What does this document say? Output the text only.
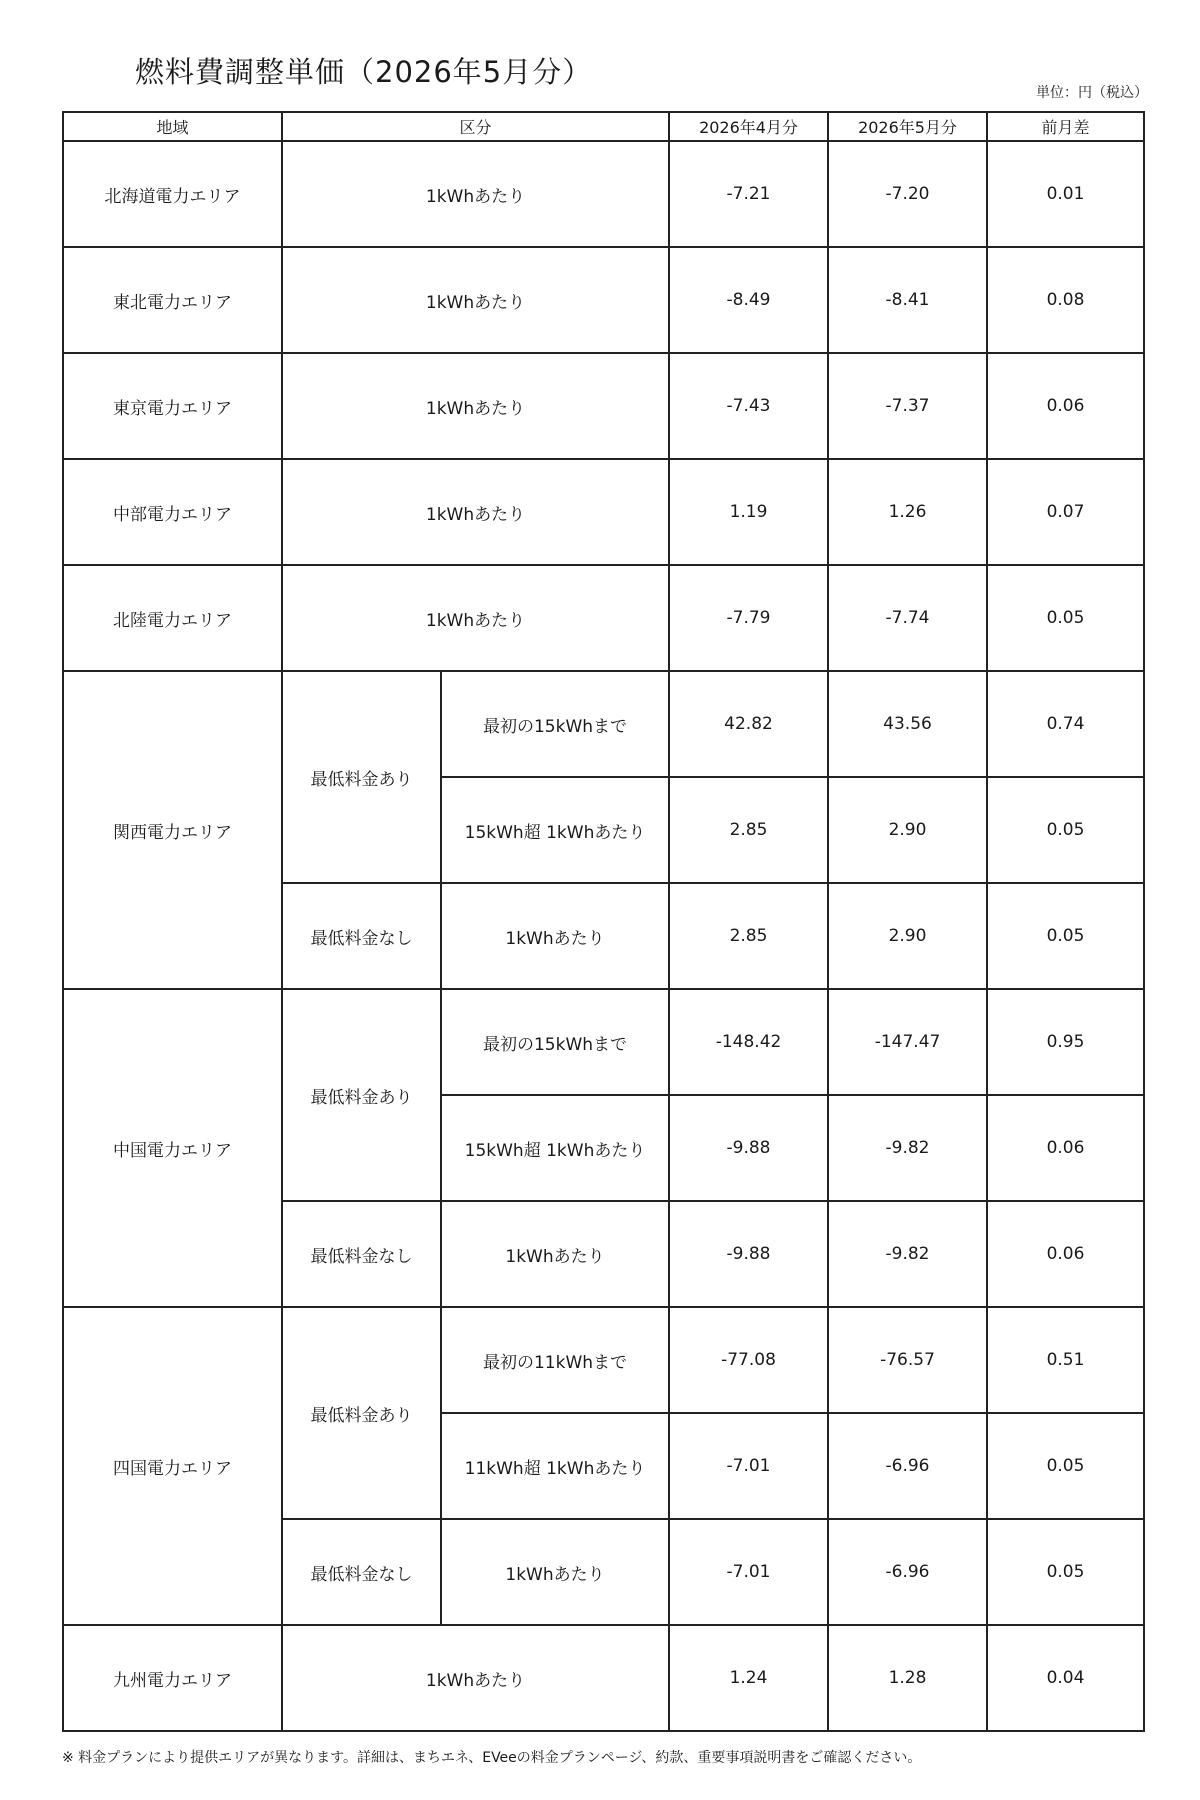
燃料費調整単価（2026年5月分）
単位：円（税込）
地域	区分		2026年4月分	2026年5月分	前月差
北海道電力エリア	1kWhあたり		-7.21	-7.20	0.01
東北電力エリア	1kWhあたり		-8.49	-8.41	0.08
東京電力エリア	1kWhあたり		-7.43	-7.37	0.06
中部電力エリア	1kWhあたり		1.19	1.26	0.07
北陸電力エリア	1kWhあたり		-7.79	-7.74	0.05
関西電力エリア	最低料金あり	最初の15kWhまで	42.82	43.56	0.74
		15kWh超 1kWhあたり	2.85	2.90	0.05
	最低料金なし	1kWhあたり	2.85	2.90	0.05
中国電力エリア	最低料金あり	最初の15kWhまで	-148.42	-147.47	0.95
		15kWh超 1kWhあたり	-9.88	-9.82	0.06
	最低料金なし	1kWhあたり	-9.88	-9.82	0.06
四国電力エリア	最低料金あり	最初の11kWhまで	-77.08	-76.57	0.51
		11kWh超 1kWhあたり	-7.01	-6.96	0.05
	最低料金なし	1kWhあたり	-7.01	-6.96	0.05
九州電力エリア	1kWhあたり		1.24	1.28	0.04
※ 料金プランにより提供エリアが異なります。詳細は、まちエネ、EVeeの料金プランページ、約款、重要事項説明書をご確認ください。
